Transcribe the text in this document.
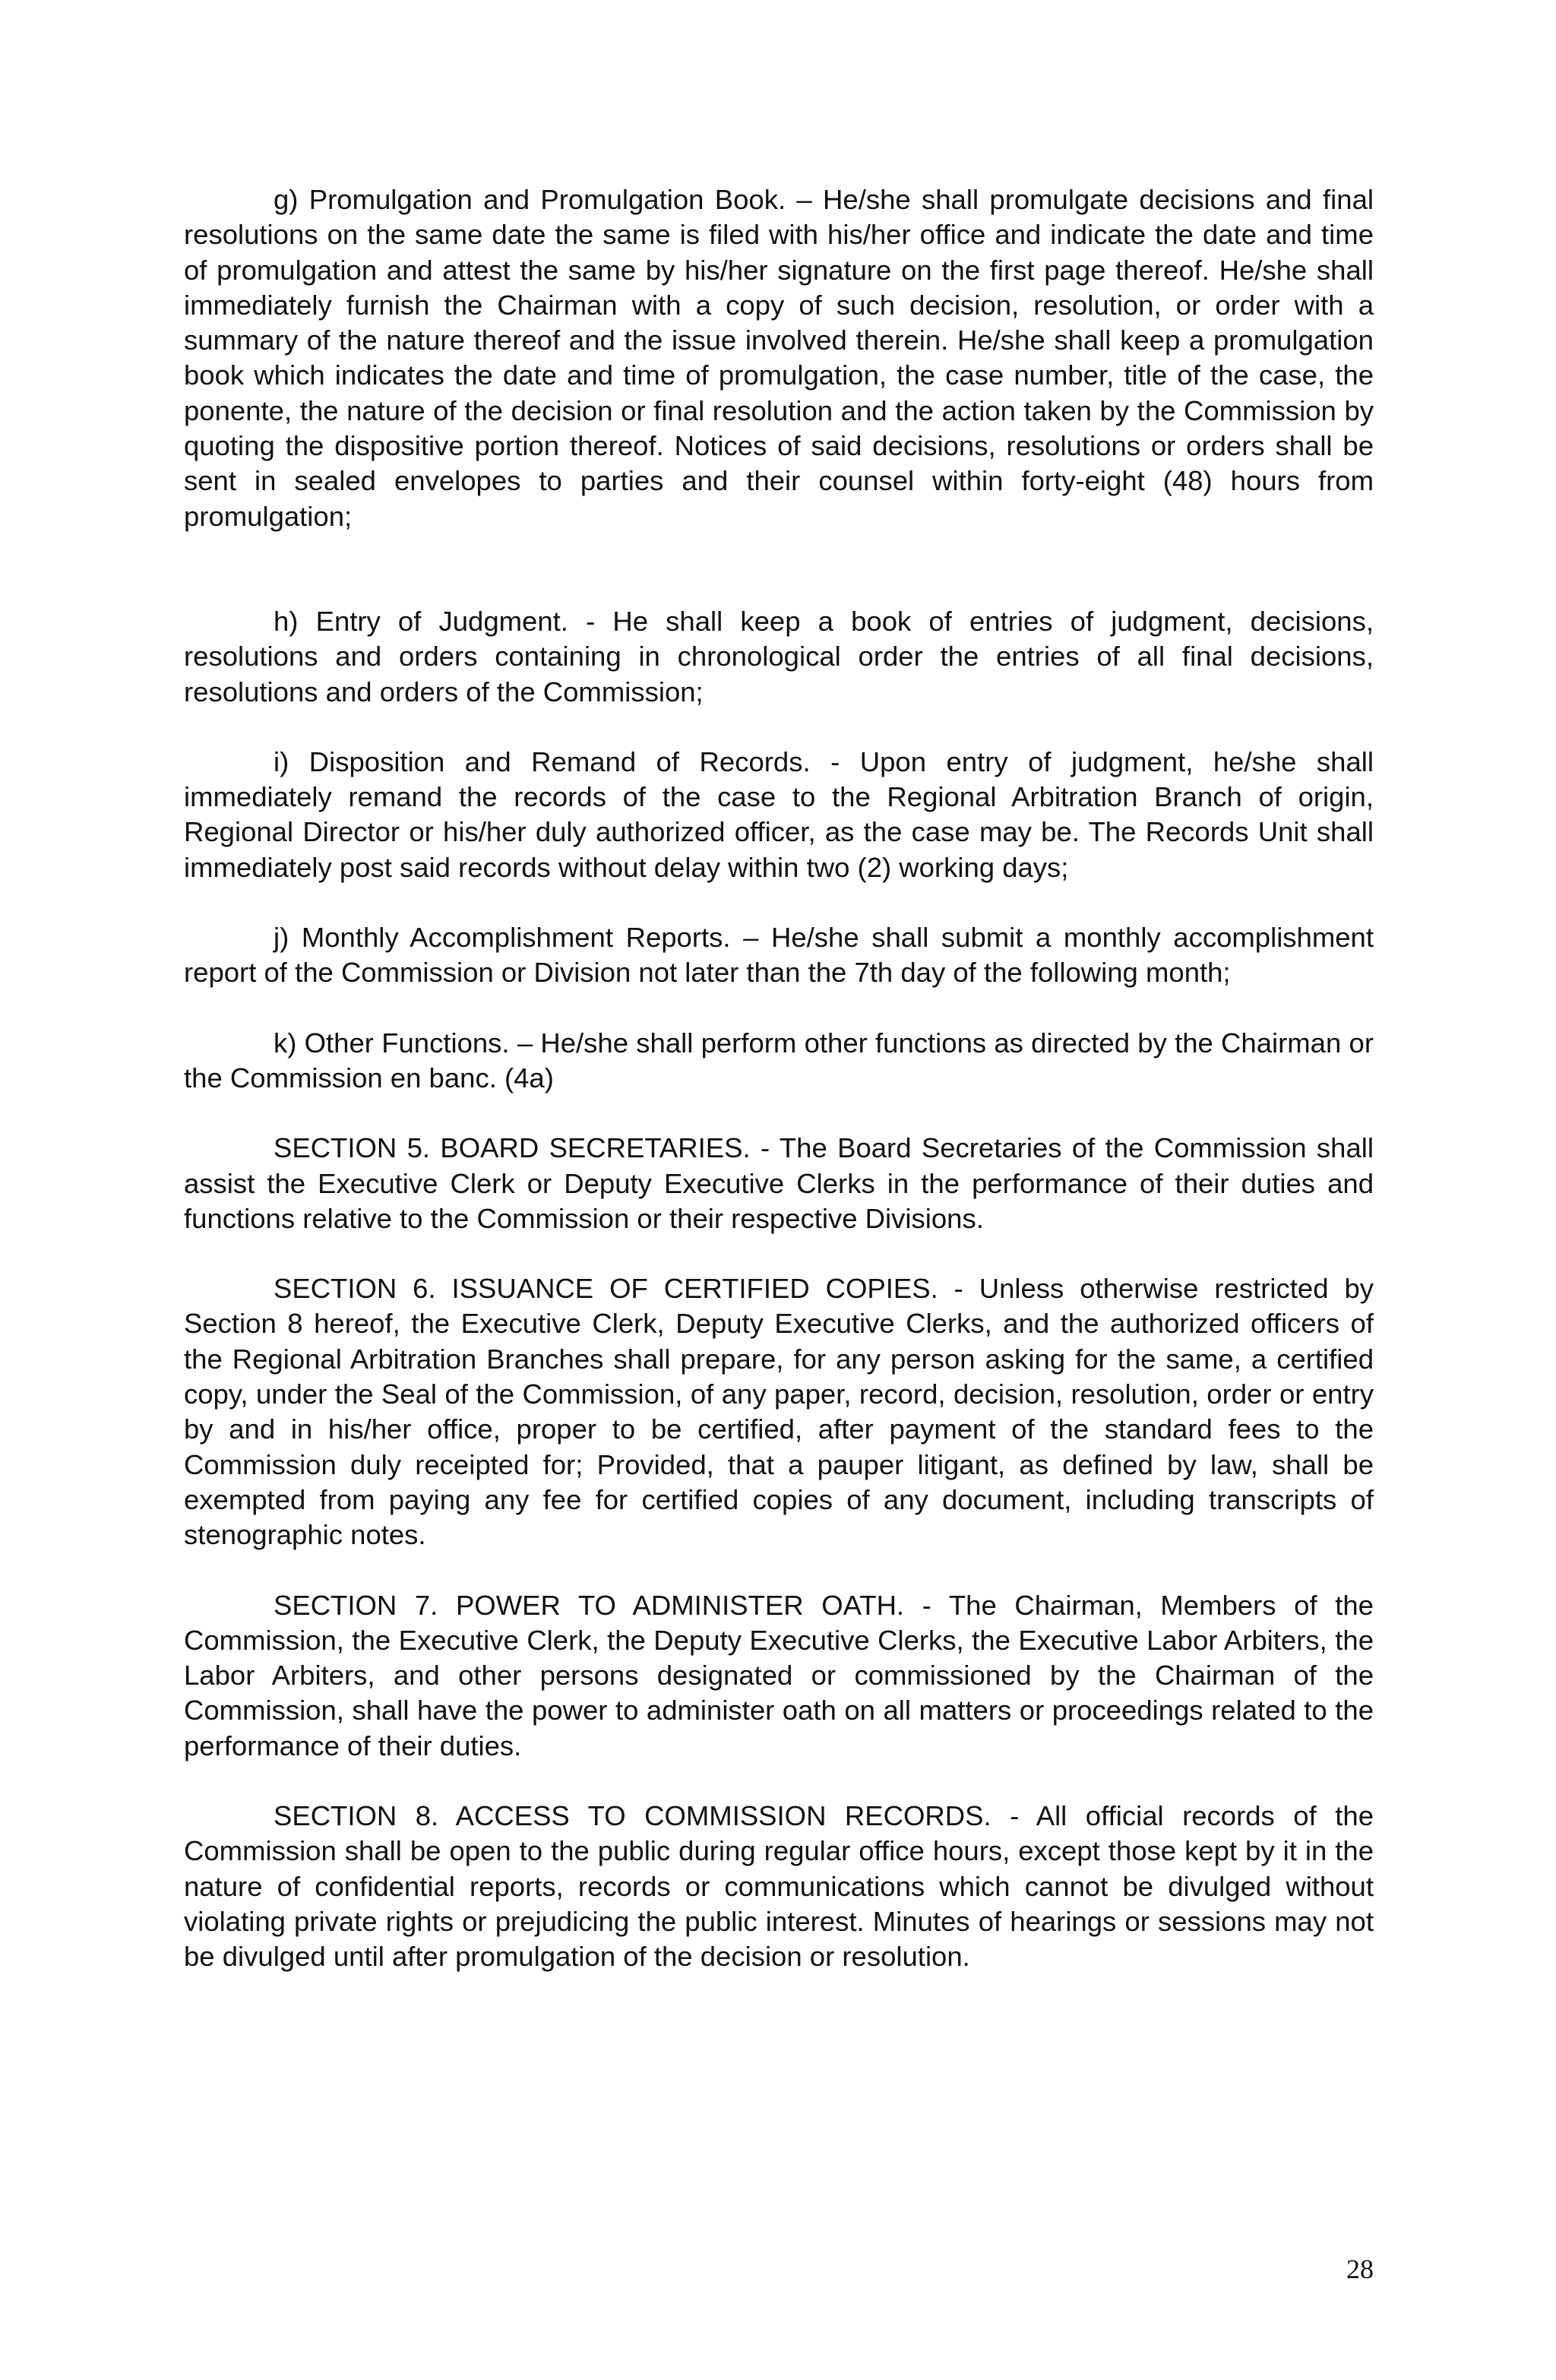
g) Promulgation and Promulgation Book. – He/she shall promulgate decisions and final resolutions on the same date the same is filed with his/her office and indicate the date and time of promulgation and attest the same by his/her signature on the first page thereof. He/she shall immediately furnish the Chairman with a copy of such decision, resolution, or order with a summary of the nature thereof and the issue involved therein. He/she shall keep a promulgation book which indicates the date and time of promulgation, the case number, title of the case, the ponente, the nature of the decision or final resolution and the action taken by the Commission by quoting the dispositive portion thereof. Notices of said decisions, resolutions or orders shall be sent in sealed envelopes to parties and their counsel within forty-eight (48) hours from promulgation;

h) Entry of Judgment. - He shall keep a book of entries of judgment, decisions, resolutions and orders containing in chronological order the entries of all final decisions, resolutions and orders of the Commission;

i) Disposition and Remand of Records. - Upon entry of judgment, he/she shall immediately remand the records of the case to the Regional Arbitration Branch of origin, Regional Director or his/her duly authorized officer, as the case may be. The Records Unit shall immediately post said records without delay within two (2) working days;

j) Monthly Accomplishment Reports. – He/she shall submit a monthly accomplishment report of the Commission or Division not later than the 7th day of the following month;

k) Other Functions. – He/she shall perform other functions as directed by the Chairman or the Commission en banc. (4a)

SECTION 5. BOARD SECRETARIES. - The Board Secretaries of the Commission shall assist the Executive Clerk or Deputy Executive Clerks in the performance of their duties and functions relative to the Commission or their respective Divisions.

SECTION 6. ISSUANCE OF CERTIFIED COPIES. - Unless otherwise restricted by Section 8 hereof, the Executive Clerk, Deputy Executive Clerks, and the authorized officers of the Regional Arbitration Branches shall prepare, for any person asking for the same, a certified copy, under the Seal of the Commission, of any paper, record, decision, resolution, order or entry by and in his/her office, proper to be certified, after payment of the standard fees to the Commission duly receipted for; Provided, that a pauper litigant, as defined by law, shall be exempted from paying any fee for certified copies of any document, including transcripts of stenographic notes.

SECTION 7. POWER TO ADMINISTER OATH. - The Chairman, Members of the Commission, the Executive Clerk, the Deputy Executive Clerks, the Executive Labor Arbiters, the Labor Arbiters, and other persons designated or commissioned by the Chairman of the Commission, shall have the power to administer oath on all matters or proceedings related to the performance of their duties.

SECTION 8. ACCESS TO COMMISSION RECORDS. - All official records of the Commission shall be open to the public during regular office hours, except those kept by it in the nature of confidential reports, records or communications which cannot be divulged without violating private rights or prejudicing the public interest. Minutes of hearings or sessions may not be divulged until after promulgation of the decision or resolution.

28
